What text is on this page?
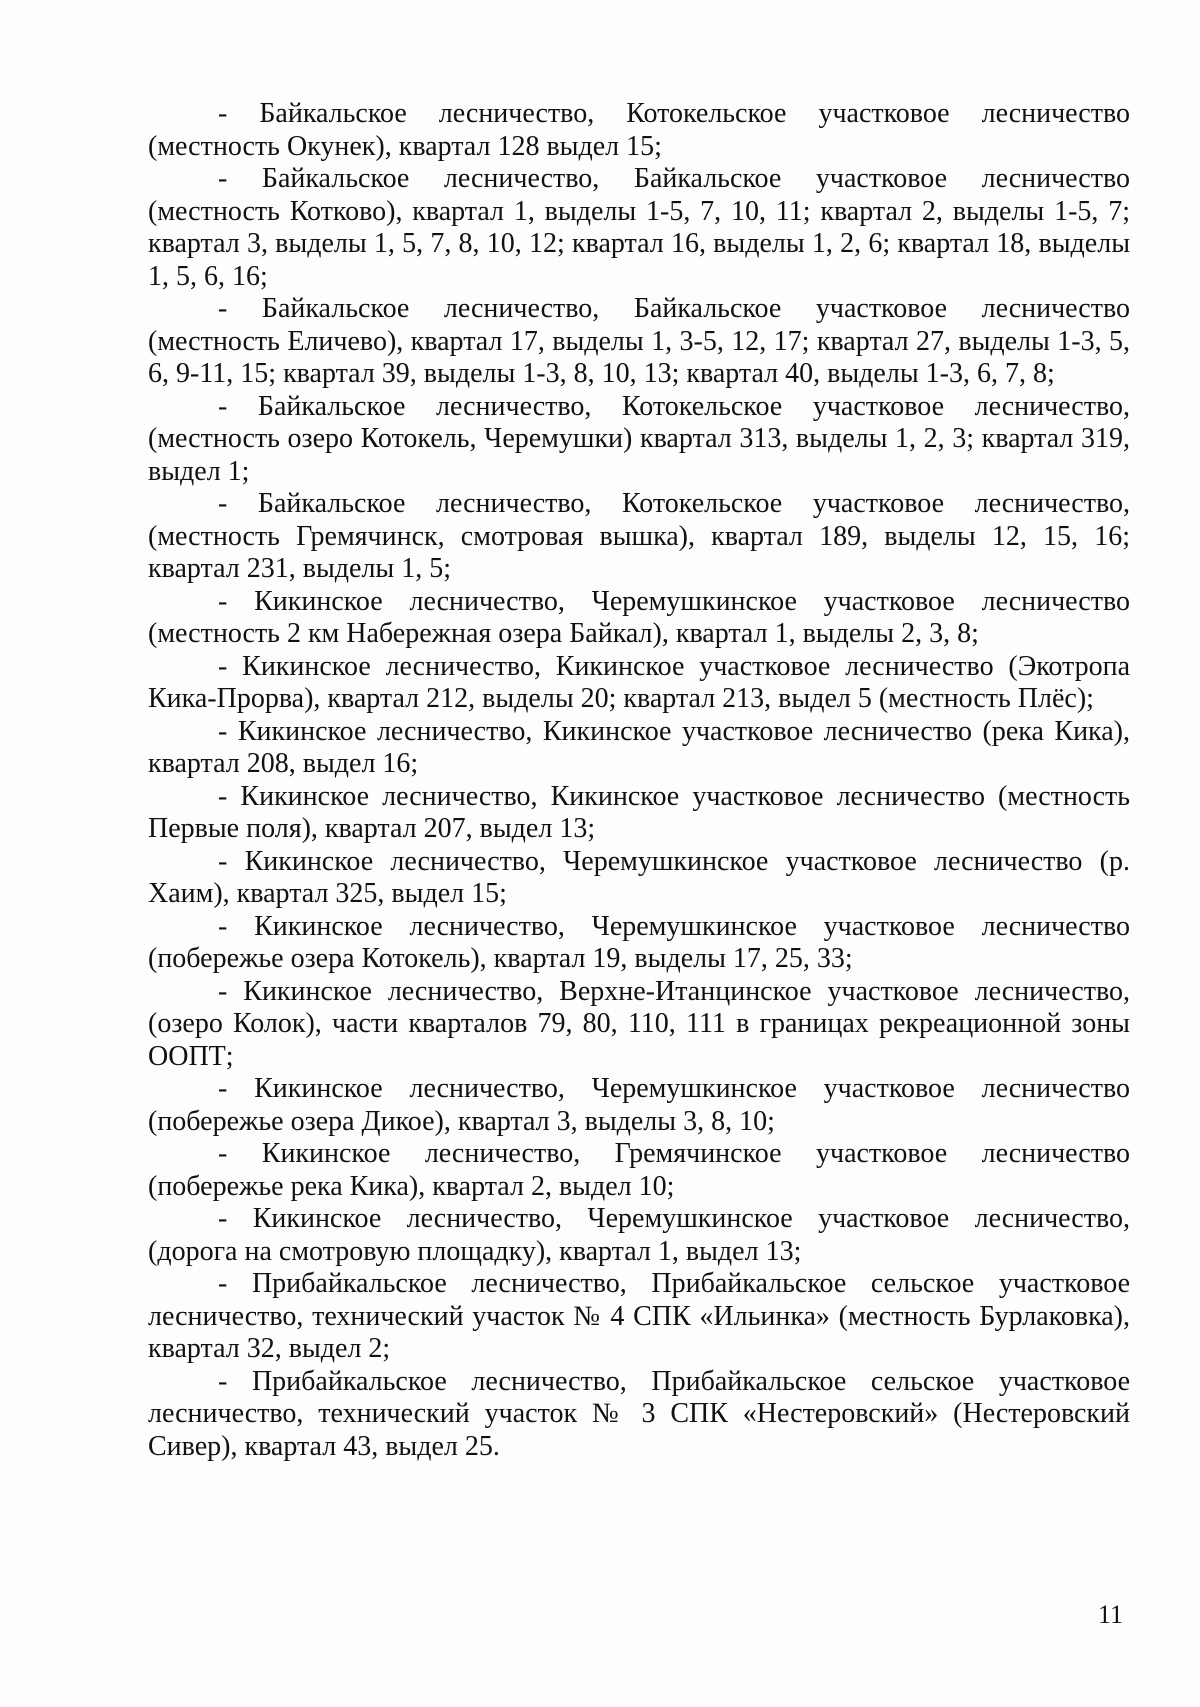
- Байкальское лесничество, Котокельское участковое лесничество (местность Окунек), квартал 128 выдел 15;

- Байкальское лесничество, Байкальское участковое лесничество (местность Котково), квартал 1, выделы 1-5, 7, 10, 11; квартал 2, выделы 1-5, 7; квартал 3, выделы 1, 5, 7, 8, 10, 12; квартал 16, выделы 1, 2, 6; квартал 18, выделы 1, 5, 6, 16;

- Байкальское лесничество, Байкальское участковое лесничество (местность Еличево), квартал 17, выделы 1, 3-5, 12, 17; квартал 27, выделы 1-3, 5, 6, 9-11, 15; квартал 39, выделы 1-3, 8, 10, 13; квартал 40, выделы 1-3, 6, 7, 8;

- Байкальское лесничество, Котокельское участковое лесничество, (местность озеро Котокель, Черемушки) квартал 313, выделы 1, 2, 3; квартал 319, выдел 1;

- Байкальское лесничество, Котокельское участковое лесничество, (местность Гремячинск, смотровая вышка), квартал 189, выделы 12, 15, 16; квартал 231, выделы 1, 5;

- Кикинское лесничество, Черемушкинское участковое лесничество (местность 2 км Набережная озера Байкал), квартал 1, выделы 2, 3, 8;

- Кикинское лесничество, Кикинское участковое лесничество (Экотропа Кика-Прорва), квартал 212, выделы 20; квартал 213, выдел 5 (местность Плёс);

- Кикинское лесничество, Кикинское участковое лесничество (река Кика), квартал 208, выдел 16;

- Кикинское лесничество, Кикинское участковое лесничество (местность Первые поля), квартал 207, выдел 13;

- Кикинское лесничество, Черемушкинское участковое лесничество (р. Хаим), квартал 325, выдел 15;

- Кикинское лесничество, Черемушкинское участковое лесничество (побережье озера Котокель), квартал 19, выделы 17, 25, 33;

- Кикинское лесничество, Верхне-Итанцинское участковое лесничество, (озеро Колок), части кварталов 79, 80, 110, 111 в границах рекреационной зоны ООПТ;

- Кикинское лесничество, Черемушкинское участковое лесничество (побережье озера Дикое), квартал 3, выделы 3, 8, 10;

- Кикинское лесничество, Гремячинское участковое лесничество (побережье река Кика), квартал 2, выдел 10;

- Кикинское лесничество, Черемушкинское участковое лесничество, (дорога на смотровую площадку), квартал 1, выдел 13;

- Прибайкальское лесничество, Прибайкальское сельское участковое лесничество, технический участок № 4 СПК «Ильинка» (местность Бурлаковка), квартал 32, выдел 2;

- Прибайкальское лесничество, Прибайкальское сельское участковое лесничество, технический участок № 3 СПК «Нестеровский» (Нестеровский Сивер), квартал 43, выдел 25.

11
